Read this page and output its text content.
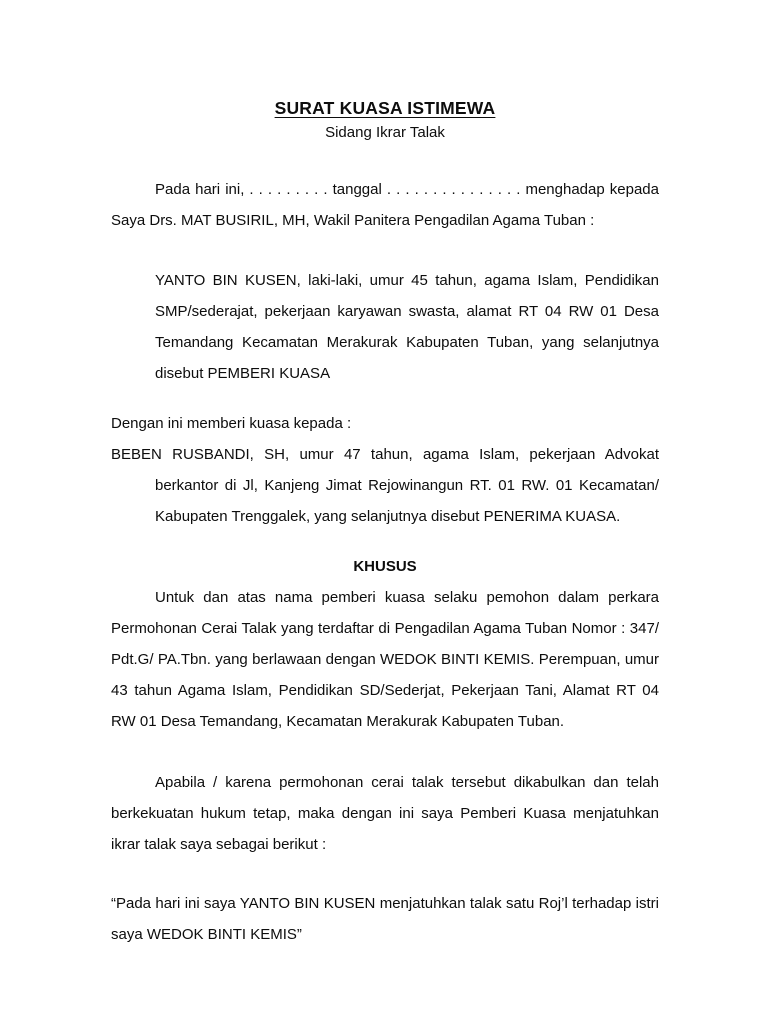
SURAT KUASA ISTIMEWA
Sidang Ikrar Talak

Pada hari ini, . . . . . . . . . tanggal . . . . . . . . . . . . . . . menghadap kepada Saya Drs. MAT BUSIRIL, MH, Wakil Panitera Pengadilan Agama Tuban :

YANTO BIN KUSEN, laki-laki, umur 45 tahun, agama Islam, Pendidikan SMP/sederajat, pekerjaan karyawan swasta, alamat RT 04 RW 01 Desa Temandang Kecamatan Merakurak Kabupaten Tuban, yang selanjutnya disebut PEMBERI KUASA

Dengan ini memberi kuasa kepada :

BEBEN RUSBANDI, SH, umur 47 tahun, agama Islam, pekerjaan Advokat berkantor di Jl, Kanjeng Jimat Rejowinangun RT. 01 RW. 01 Kecamatan/ Kabupaten Trenggalek, yang selanjutnya disebut PENERIMA KUASA.

KHUSUS

Untuk dan atas nama pemberi kuasa selaku pemohon dalam perkara Permohonan Cerai Talak yang terdaftar di Pengadilan Agama Tuban Nomor : 347/ Pdt.G/ PA.Tbn. yang berlawaan dengan WEDOK BINTI KEMIS. Perempuan, umur 43 tahun Agama Islam, Pendidikan SD/Sederjat, Pekerjaan Tani, Alamat RT 04 RW 01 Desa Temandang, Kecamatan Merakurak Kabupaten Tuban.

Apabila / karena permohonan cerai talak tersebut dikabulkan dan telah berkekuatan hukum tetap, maka dengan ini saya Pemberi Kuasa menjatuhkan ikrar talak saya sebagai berikut :

“Pada hari ini saya YANTO BIN KUSEN menjatuhkan talak satu Roj’l terhadap istri saya WEDOK BINTI KEMIS”
